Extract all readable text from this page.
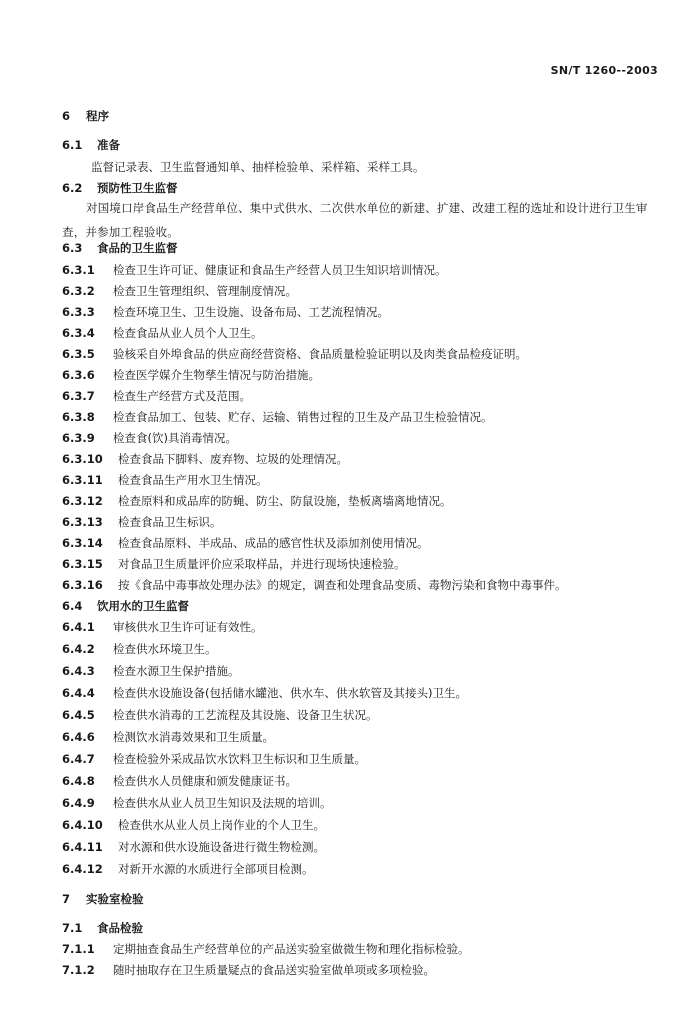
SN/T 1260--2003
6 程序
6.1 准备
监督记录表、卫生监督通知单、抽样检验单、采样箱、采样工具。
6.2 预防性卫生监督
对国境口岸食品生产经营单位、集中式供水、二次供水单位的新建、扩建、改建工程的选址和设计进行卫生审查，并参加工程验收。
6.3 食品的卫生监督
6.3.1 检查卫生许可证、健康证和食品生产经营人员卫生知识培训情况。
6.3.2 检查卫生管理组织、管理制度情况。
6.3.3 检查环境卫生、卫生设施、设备布局、工艺流程情况。
6.3.4 检查食品从业人员个人卫生。
6.3.5 验核采自外埠食品的供应商经营资格、食品质量检验证明以及肉类食品检疫证明。
6.3.6 检查医学媒介生物孳生情况与防治措施。
6.3.7 检查生产经营方式及范围。
6.3.8 检查食品加工、包装、贮存、运输、销售过程的卫生及产品卫生检验情况。
6.3.9 检查食(饮)具消毒情况。
6.3.10 检查食品下脚料、废弃物、垃圾的处理情况。
6.3.11 检查食品生产用水卫生情况。
6.3.12 检查原料和成品库的防蝇、防尘、防鼠设施，垫板离墙离地情况。
6.3.13 检查食品卫生标识。
6.3.14 检查食品原料、半成品、成品的感官性状及添加剂使用情况。
6.3.15 对食品卫生质量评价应采取样品，并进行现场快速检验。
6.3.16 按《食品中毒事故处理办法》的规定，调查和处理食品变质、毒物污染和食物中毒事件。
6.4 饮用水的卫生监督
6.4.1 审核供水卫生许可证有效性。
6.4.2 检查供水环境卫生。
6.4.3 检查水源卫生保护措施。
6.4.4 检查供水设施设备(包括储水罐池、供水车、供水软管及其接头)卫生。
6.4.5 检查供水消毒的工艺流程及其设施、设备卫生状况。
6.4.6 检测饮水消毒效果和卫生质量。
6.4.7 检查检验外采成品饮水饮料卫生标识和卫生质量。
6.4.8 检查供水人员健康和颁发健康证书。
6.4.9 检查供水从业人员卫生知识及法规的培训。
6.4.10 检查供水从业人员上岗作业的个人卫生。
6.4.11 对水源和供水设施设备进行微生物检测。
6.4.12 对新开水源的水质进行全部项目检测。
7 实验室检验
7.1 食品检验
7.1.1 定期抽查食品生产经营单位的产品送实验室做微生物和理化指标检验。
7.1.2 随时抽取存在卫生质量疑点的食品送实验室做单项或多项检验。
